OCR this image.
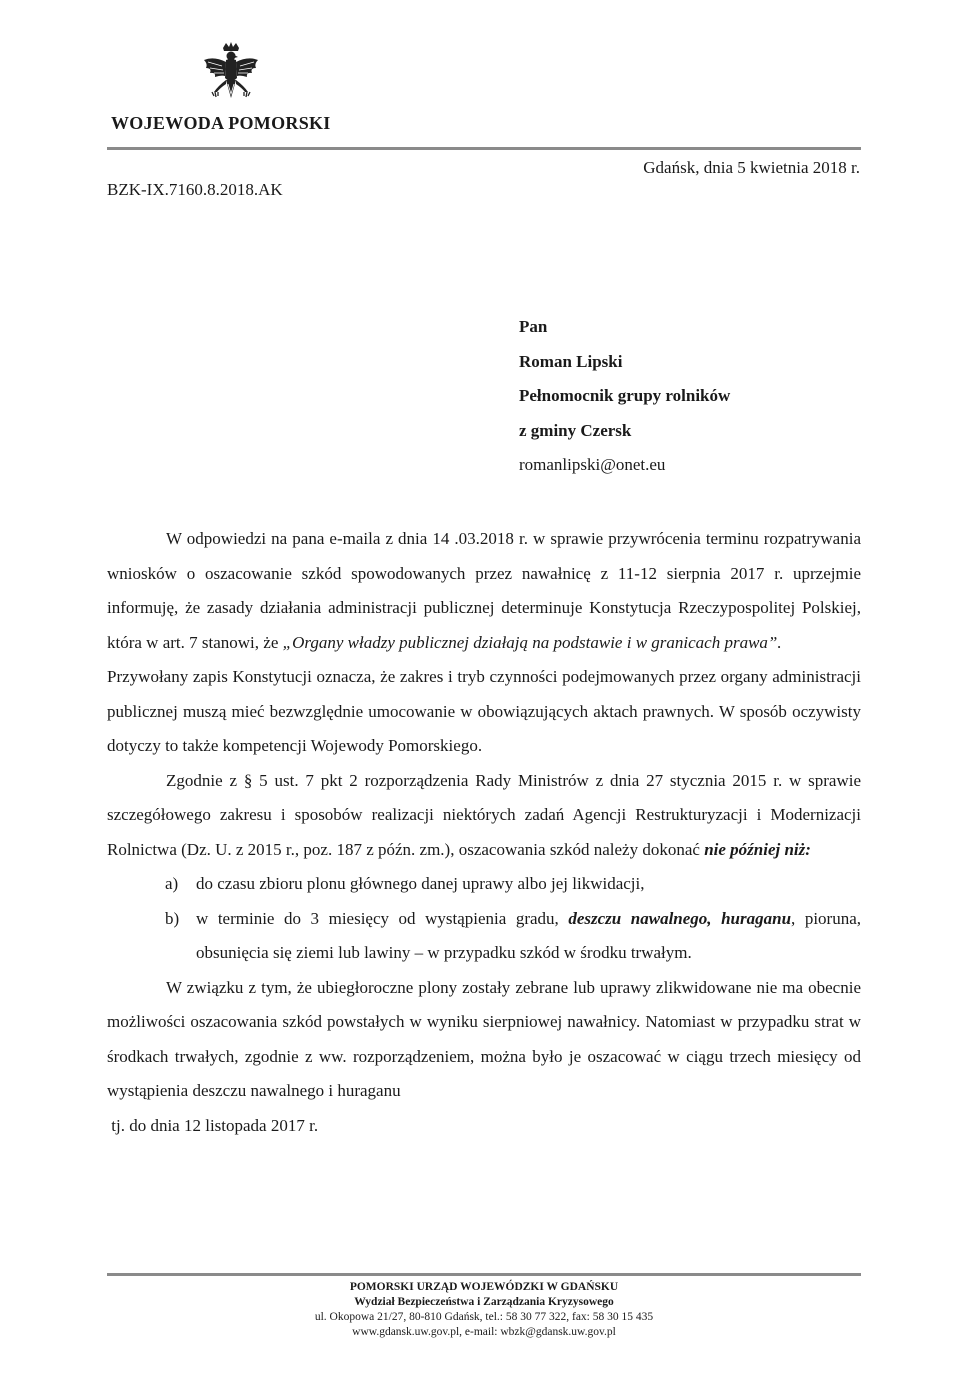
WOJEWODA POMORSKI
Gdańsk, dnia 5 kwietnia 2018 r.
BZK-IX.7160.8.2018.AK
Pan
Roman Lipski
Pełnomocnik grupy rolników
z gminy Czersk
romanlipski@onet.eu

W odpowiedzi na pana e-maila z dnia 14 .03.2018 r. w sprawie przywrócenia terminu rozpatrywania wniosków o oszacowanie szkód spowodowanych przez nawałnicę z 11-12 sierpnia 2017 r. uprzejmie informuję, że zasady działania administracji publicznej determinuje Konstytucja Rzeczypospolitej Polskiej, która w art. 7 stanowi, że „Organy władzy publicznej działają na podstawie i w granicach prawa”.

Przywołany zapis Konstytucji oznacza, że zakres i tryb czynności podejmowanych przez organy administracji publicznej muszą mieć bezwzględnie umocowanie w obowiązujących aktach prawnych. W sposób oczywisty dotyczy to także kompetencji Wojewody Pomorskiego.

Zgodnie z § 5 ust. 7 pkt 2 rozporządzenia Rady Ministrów z dnia 27 stycznia 2015 r. w sprawie szczegółowego zakresu i sposobów realizacji niektórych zadań Agencji Restrukturyzacji i Modernizacji Rolnictwa (Dz. U. z 2015 r., poz. 187 z późn. zm.), oszacowania szkód należy dokonać nie później niż:

a) do czasu zbioru plonu głównego danej uprawy albo jej likwidacji,
b) w terminie do 3 miesięcy od wystąpienia gradu, deszczu nawalnego, huraganu, pioruna, obsunięcia się ziemi lub lawiny – w przypadku szkód w środku trwałym.

W związku z tym, że ubiegłoroczne plony zostały zebrane lub uprawy zlikwidowane nie ma obecnie możliwości oszacowania szkód powstałych w wyniku sierpniowej nawałnicy. Natomiast w przypadku strat w środkach trwałych, zgodnie z ww. rozporządzeniem, można było je oszacować w ciągu trzech miesięcy od wystąpienia deszczu nawalnego i huraganu

tj. do dnia 12 listopada 2017 r.

POMORSKI URZĄD WOJEWÓDZKI W GDAŃSKU
Wydział Bezpieczeństwa i Zarządzania Kryzysowego
ul. Okopowa 21/27, 80-810 Gdańsk, tel.: 58 30 77 322, fax: 58 30 15 435
www.gdansk.uw.gov.pl, e-mail: wbzk@gdansk.uw.gov.pl
